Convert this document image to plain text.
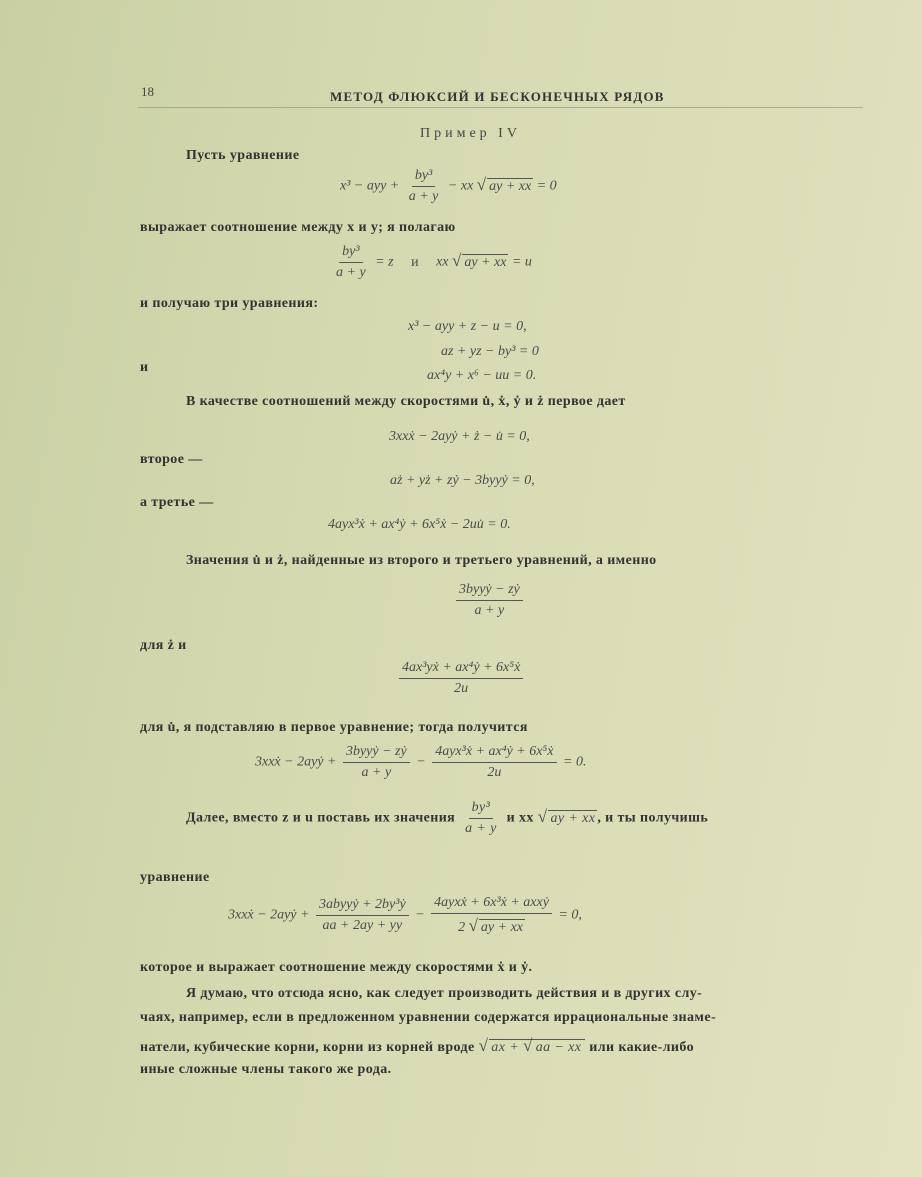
18	МЕТОД ФЛЮКСИЙ И БЕСКОНЕЧНЫХ РЯДОВ
Пример IV
Пусть уравнение
x³ − ayy + $\frac{\text{by³}}{a + y}$ − xx √ ay + xx = 0
выражает соотношение между x и y; я полагаю
$\frac{\text{by³}}{a + y} = z$ и xx √ ay + xx = u
и получаю три уравнения:
x³ − ayy + z − u = 0,
az + yz − by³ = 0
и
ax⁴y + x⁶ − uu = 0.
В качестве соотношений между скоростями u̇, ẋ, ẏ и ż первое дает
3xxẋ − 2ayẏ + ż − u̇ = 0,
второе —
aż + yż + zẏ − 3byyẏ = 0,
а третье —
4ayx³ẋ + ax⁴ẏ + 6x⁵ẋ − 2uu̇ = 0.
Значения u̇ и ż, найденные из второго и третьего уравнений, а именно
$\frac{\text{3byyẏ − zẏ}}{a + y}$
для ż и
$\frac{\text{4ax³yẋ + ax⁴ẏ + 6x⁵ẋ}}{2u}$
для u̇, я подставляю в первое уравнение; тогда получится
3xxẋ − 2ayẏ + $\frac{\text{3byyẏ − zẏ}}{a + y} - \frac{\text{4ayx³ẋ + ax⁴ẏ + 6x⁵ẋ}}{2u} = 0$.
Далее, вместо z и u поставь их значения $\frac{\text{by³}}{a + y}$ и xx √ ay + xx , и ты получишь
уравнение
3xxẋ − 2ayẏ + $\frac{\text{3abyyẏ + 2by³ẏ}}{aa + 2ay + yy} - \frac{\text{4ayxẋ + 6x³ẋ + axxẏ}}{2 √ ay + xx} = 0$,
которое и выражает соотношение между скоростями ẋ и ẏ.
Я думаю, что отсюда ясно, как следует производить действия и в других слу-
чаях, например, если в предложенном уравнении содержатся иррациональные знаме-
натели, кубические корни, корни из корней вроде √ ax + √ aa − xx или какие-либо
иные сложные члены такого же рода.
